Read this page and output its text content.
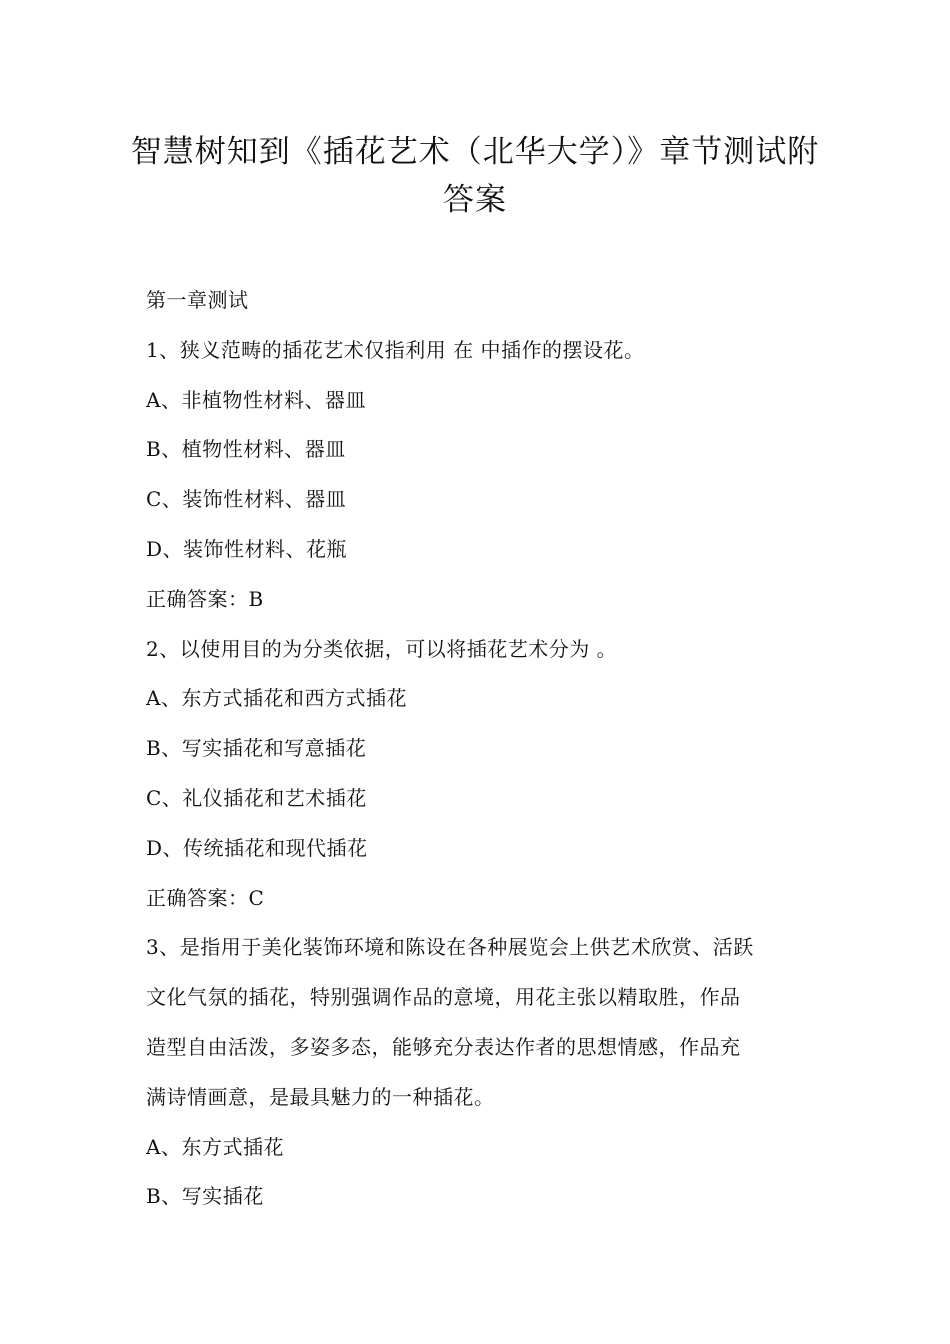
智慧树知到《插花艺术（北华大学）》章节测试附答案

第一章测试

1、狭义范畴的插花艺术仅指利用 在 中插作的摆设花。

A、非植物性材料、器皿

B、植物性材料、器皿

C、装饰性材料、器皿

D、装饰性材料、花瓶

正确答案：B

2、以使用目的为分类依据，可以将插花艺术分为 。

A、东方式插花和西方式插花

B、写实插花和写意插花

C、礼仪插花和艺术插花

D、传统插花和现代插花

正确答案：C

3、是指用于美化装饰环境和陈设在各种展览会上供艺术欣赏、活跃

文化气氛的插花，特别强调作品的意境，用花主张以精取胜，作品

造型自由活泼，多姿多态，能够充分表达作者的思想情感，作品充

满诗情画意，是最具魅力的一种插花。

A、东方式插花

B、写实插花
